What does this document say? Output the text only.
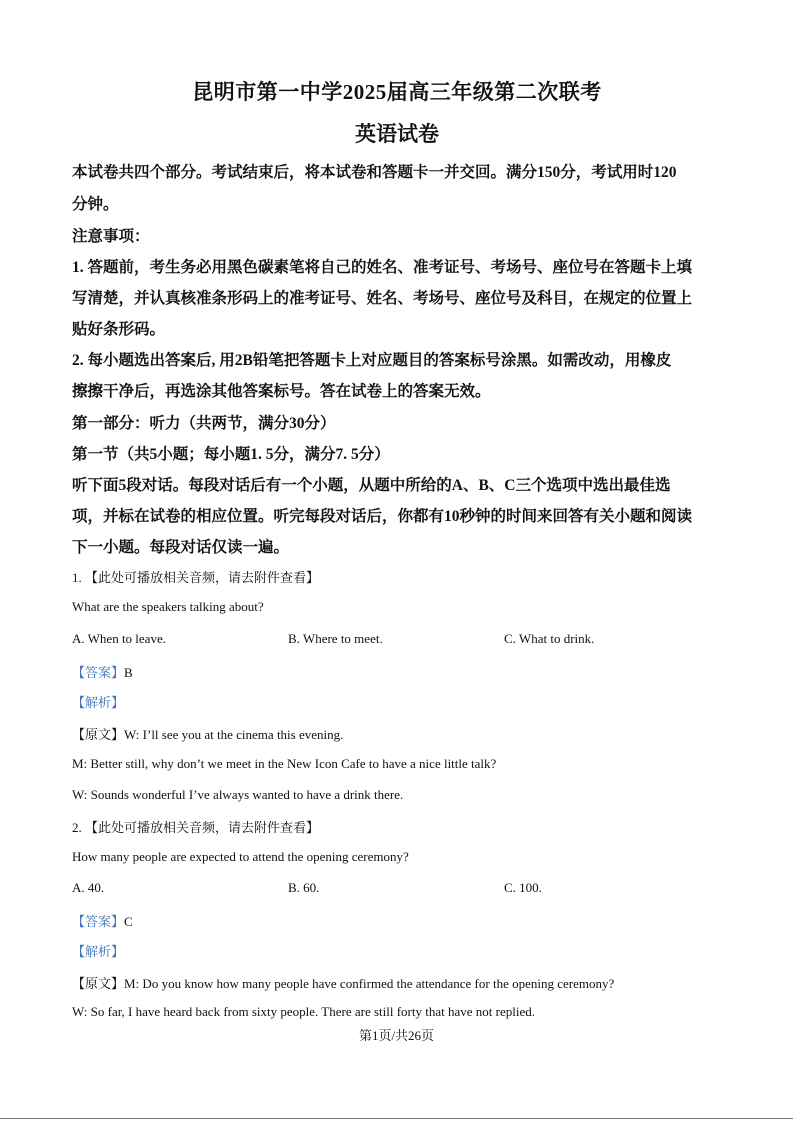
昆明市第一中学2025届高三年级第二次联考
英语试卷
本试卷共四个部分。考试结束后，将本试卷和答题卡一并交回。满分150分，考试用时120
分钟。
注意事项：
1. 答题前，考生务必用黑色碳素笔将自己的姓名、准考证号、考场号、座位号在答题卡上填
写清楚，并认真核准条形码上的准考证号、姓名、考场号、座位号及科目，在规定的位置上
贴好条形码。
2. 每小题选出答案后, 用2B铅笔把答题卡上对应题目的答案标号涂黑。如需改动，用橡皮
擦擦干净后，再选涂其他答案标号。答在试卷上的答案无效。
第一部分：听力（共两节，满分30分）
第一节（共5小题；每小题1. 5分，满分7. 5分）
听下面5段对话。每段对话后有一个小题，从题中所给的A、B、C三个选项中选出最佳选
项，并标在试卷的相应位置。听完每段对话后，你都有10秒钟的时间来回答有关小题和阅读
下一小题。每段对话仅读一遍。
1. 【此处可播放相关音频，请去附件查看】
What are the speakers talking about?
A. When to leave.	B. Where to meet.	C. What to drink.
【答案】B
【解析】
【原文】W: I’ll see you at the cinema this evening.
M: Better still, why don’t we meet in the New Icon Cafe to have a nice little talk?
W: Sounds wonderful I’ve always wanted to have a drink there.
2. 【此处可播放相关音频，请去附件查看】
How many people are expected to attend the opening ceremony?
A. 40.	B. 60.	C. 100.
【答案】C
【解析】
【原文】M: Do you know how many people have confirmed the attendance for the opening ceremony?
W: So far, I have heard back from sixty people. There are still forty that have not replied.
第1页/共26页
